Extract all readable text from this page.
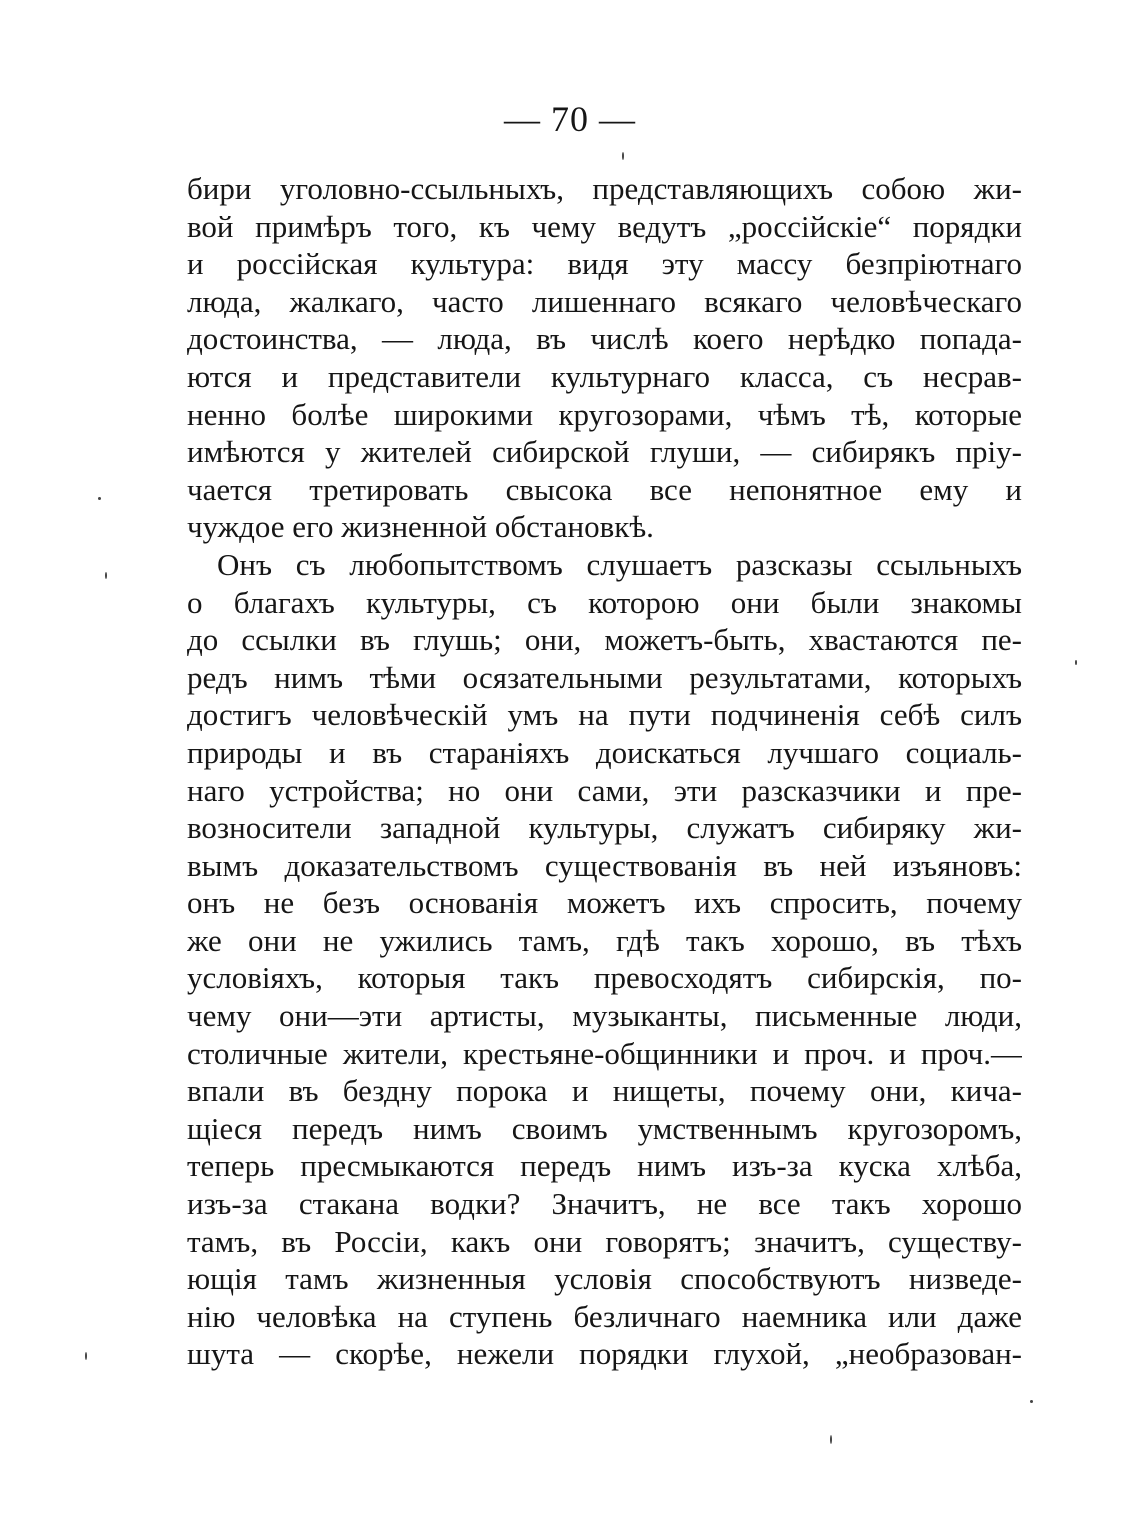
— 70 —
бири уголовно-ссыльныхъ, представляющихъ собою жи-
вой примѣръ того, къ чему ведутъ „россійскіе“ порядки
и россійская культура: видя эту массу безпріютнаго
люда, жалкаго, часто лишеннаго всякаго человѣческаго
достоинства, — люда, въ числѣ коего нерѣдко попада-
ются и представители культурнаго класса, съ несрав-
ненно болѣе широкими кругозорами, чѣмъ тѣ, которые
имѣются у жителей сибирской глуши, — сибирякъ пріу-
чается третировать свысока все непонятное ему и
чуждое его жизненной обстановкѣ.
Онъ съ любопытствомъ слушаетъ разсказы ссыльныхъ
о благахъ культуры, съ которою они были знакомы
до ссылки въ глушь; они, можетъ-быть, хвастаются пе-
редъ нимъ тѣми осязательными результатами, которыхъ
достигъ человѣческій умъ на пути подчиненія себѣ силъ
природы и въ стараніяхъ доискаться лучшаго социаль-
наго устройства; но они сами, эти разсказчики и пре-
возносители западной культуры, служатъ сибиряку жи-
вымъ доказательствомъ существованія въ ней изъяновъ:
онъ не безъ основанія можетъ ихъ спросить, почему
же они не ужились тамъ, гдѣ такъ хорошо, въ тѣхъ
условіяхъ, которыя такъ превосходятъ сибирскія, по-
чему они—эти артисты, музыканты, письменные люди,
столичные жители, крестьяне-общинники и проч. и проч.—
впали въ бездну порока и нищеты, почему они, кича-
щіеся передъ нимъ своимъ умственнымъ кругозоромъ,
теперь пресмыкаются передъ нимъ изъ-за куска хлѣба,
изъ-за стакана водки? Значитъ, не все такъ хорошо
тамъ, въ Россіи, какъ они говорятъ; значитъ, существу-
ющія тамъ жизненныя условія способствуютъ низведе-
нію человѣка на ступень безличнаго наемника или даже
шута — скорѣе, нежели порядки глухой, „необразован-
